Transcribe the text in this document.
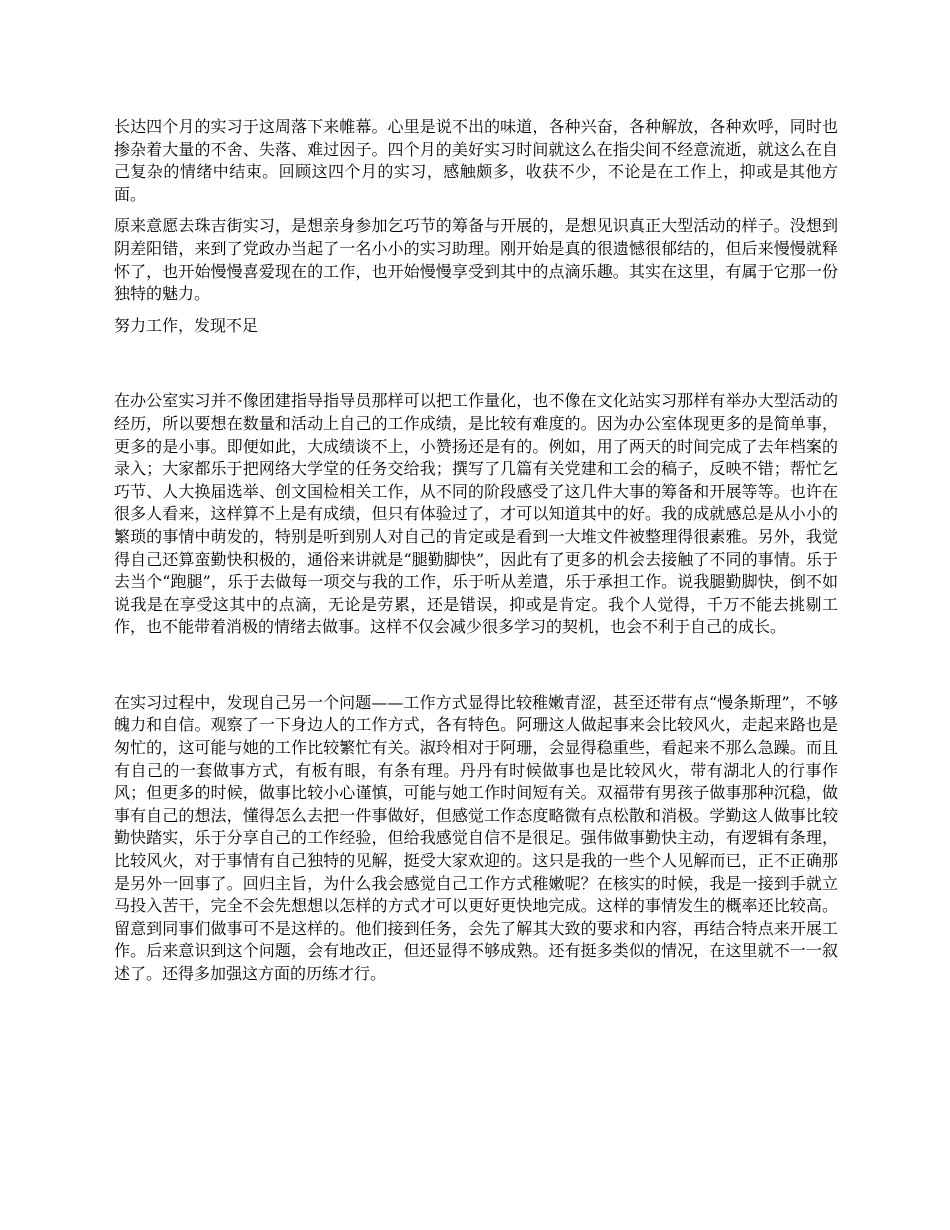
长达四个月的实习于这周落下来帷幕。心里是说不出的味道，各种兴奋，各种解放，各种欢呼，同时也掺杂着大量的不舍、失落、难过因子。四个月的美好实习时间就这么在指尖间不经意流逝，就这么在自己复杂的情绪中结束。回顾这四个月的实习，感触颇多，收获不少，不论是在工作上，抑或是其他方面。

原来意愿去珠吉街实习，是想亲身参加乞巧节的筹备与开展的，是想见识真正大型活动的样子。没想到阴差阳错，来到了党政办当起了一名小小的实习助理。刚开始是真的很遗憾很郁结的，但后来慢慢就释怀了，也开始慢慢喜爱现在的工作，也开始慢慢享受到其中的点滴乐趣。其实在这里，有属于它那一份独特的魅力。

努力工作，发现不足

在办公室实习并不像团建指导指导员那样可以把工作量化，也不像在文化站实习那样有举办大型活动的经历，所以要想在数量和活动上自己的工作成绩，是比较有难度的。因为办公室体现更多的是简单事，更多的是小事。即便如此，大成绩谈不上，小赞扬还是有的。例如，用了两天的时间完成了去年档案的录入；大家都乐于把网络大学堂的任务交给我；撰写了几篇有关党建和工会的稿子，反映不错；帮忙乞巧节、人大换届选举、创文国检相关工作，从不同的阶段感受了这几件大事的筹备和开展等等。也许在很多人看来，这样算不上是有成绩，但只有体验过了，才可以知道其中的好。我的成就感总是从小小的繁琐的事情中萌发的，特别是听到别人对自己的肯定或是看到一大堆文件被整理得很素雅。另外，我觉得自己还算蛮勤快积极的，通俗来讲就是“腿勤脚快”，因此有了更多的机会去接触了不同的事情。乐于去当个“跑腿”，乐于去做每一项交与我的工作，乐于听从差遣，乐于承担工作。说我腿勤脚快，倒不如说我是在享受这其中的点滴，无论是劳累，还是错误，抑或是肯定。我个人觉得，千万不能去挑剔工作，也不能带着消极的情绪去做事。这样不仅会减少很多学习的契机，也会不利于自己的成长。

在实习过程中，发现自己另一个问题——工作方式显得比较稚嫩青涩，甚至还带有点“慢条斯理”，不够魄力和自信。观察了一下身边人的工作方式，各有特色。阿珊这人做起事来会比较风火，走起来路也是匆忙的，这可能与她的工作比较繁忙有关。淑玲相对于阿珊，会显得稳重些，看起来不那么急躁。而且有自己的一套做事方式，有板有眼，有条有理。丹丹有时候做事也是比较风火，带有湖北人的行事作风；但更多的时候，做事比较小心谨慎，可能与她工作时间短有关。双福带有男孩子做事那种沉稳，做事有自己的想法，懂得怎么去把一件事做好，但感觉工作态度略微有点松散和消极。学勤这人做事比较勤快踏实，乐于分享自己的工作经验，但给我感觉自信不是很足。强伟做事勤快主动，有逻辑有条理，比较风火，对于事情有自己独特的见解，挺受大家欢迎的。这只是我的一些个人见解而已，正不正确那是另外一回事了。回归主旨，为什么我会感觉自己工作方式稚嫩呢？在核实的时候，我是一接到手就立马投入苦干，完全不会先想想以怎样的方式才可以更好更快地完成。这样的事情发生的概率还比较高。留意到同事们做事可不是这样的。他们接到任务，会先了解其大致的要求和内容，再结合特点来开展工作。后来意识到这个问题，会有地改正，但还显得不够成熟。还有挺多类似的情况，在这里就不一一叙述了。还得多加强这方面的历练才行。
